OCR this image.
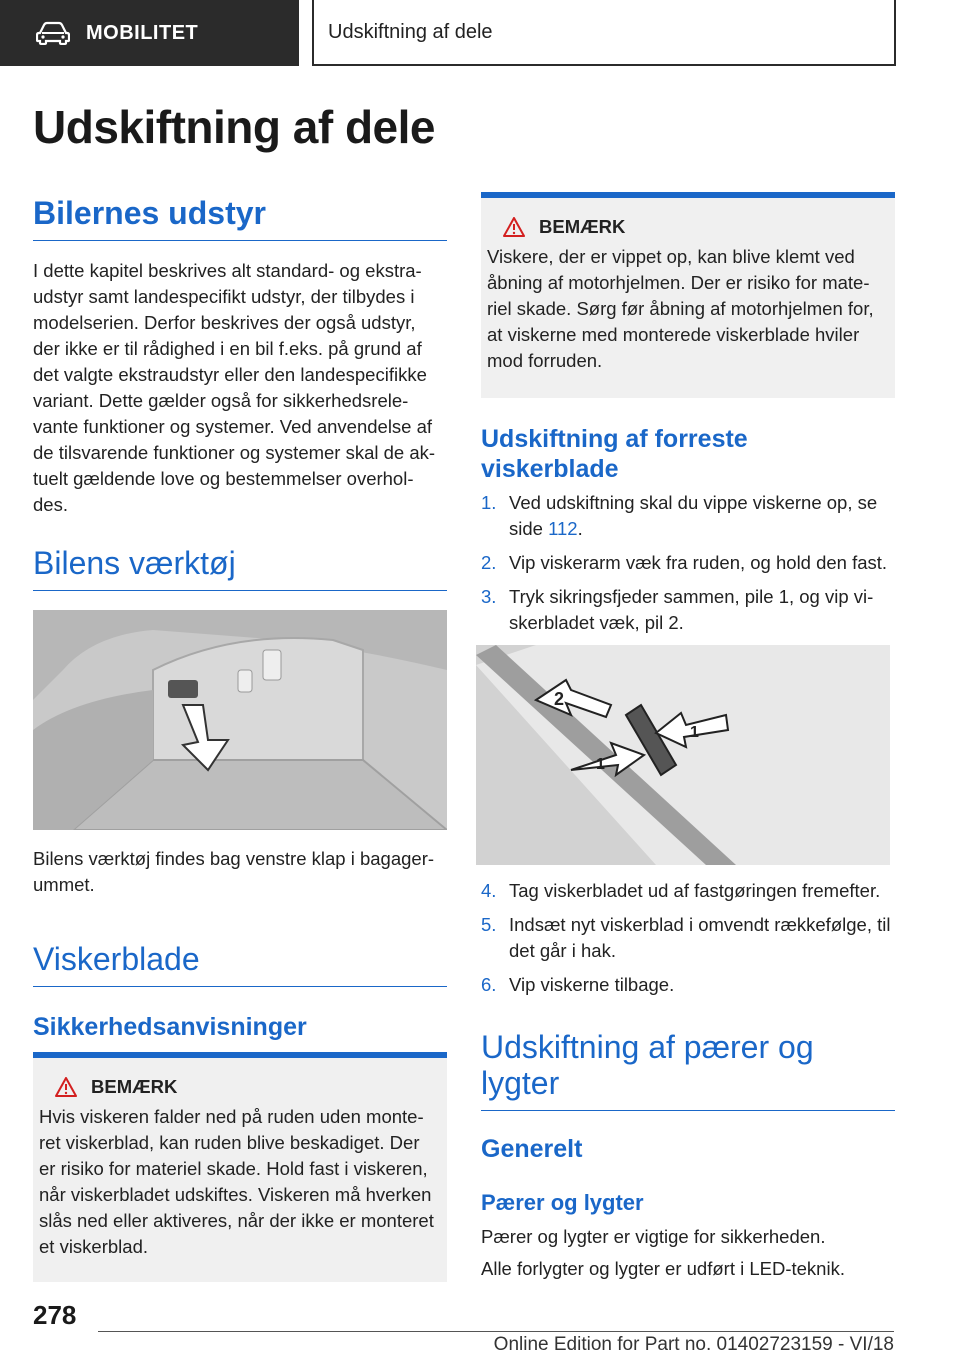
MOBILITET	Udskiftning af dele
Udskiftning af dele
Bilernes udstyr
I dette kapitel beskrives alt standard- og ekstra-udstyr samt landespecifikt udstyr, der tilbydes i modelserien. Derfor beskrives der også udstyr, der ikke er til rådighed i en bil f.eks. på grund af det valgte ekstraudstyr eller den landespecifikke variant. Dette gælder også for sikkerhedsrele-vante funktioner og systemer. Ved anvendelse af de tilsvarende funktioner og systemer skal de ak-tuelt gældende love og bestemmelser overhol-des.
Bilens værktøj
Bilens værktøj findes bag venstre klap i bagager-ummet.
Viskerblade
Sikkerhedsanvisninger
BEMÆRK
Hvis viskeren falder ned på ruden uden monte-ret viskerblad, kan ruden blive beskadiget. Der er risiko for materiel skade. Hold fast i viskeren, når viskerbladet udskiftes. Viskeren må hverken slås ned eller aktiveres, når der ikke er monteret et viskerblad.
BEMÆRK
Viskere, der er vippet op, kan blive klemt ved åbning af motorhjelmen. Der er risiko for mate-riel skade. Sørg før åbning af motorhjelmen for, at viskerne med monterede viskerblade hviler mod forruden.
Udskiftning af forreste viskerblade
1. Ved udskiftning skal du vippe viskerne op, se side 112.
2. Vip viskerarm væk fra ruden, og hold den fast.
3. Tryk sikringsfjeder sammen, pile 1, og vip vi-skerbladet væk, pil 2.
2
1
1
4. Tag viskerbladet ud af fastgøringen fremefter.
5. Indsæt nyt viskerblad i omvendt rækkefølge, til det går i hak.
6. Vip viskerne tilbage.
Udskiftning af pærer og lygter
Generelt
Pærer og lygter
Pærer og lygter er vigtige for sikkerheden.
Alle forlygter og lygter er udført i LED-teknik.
278
Online Edition for Part no. 01402723159 - VI/18
